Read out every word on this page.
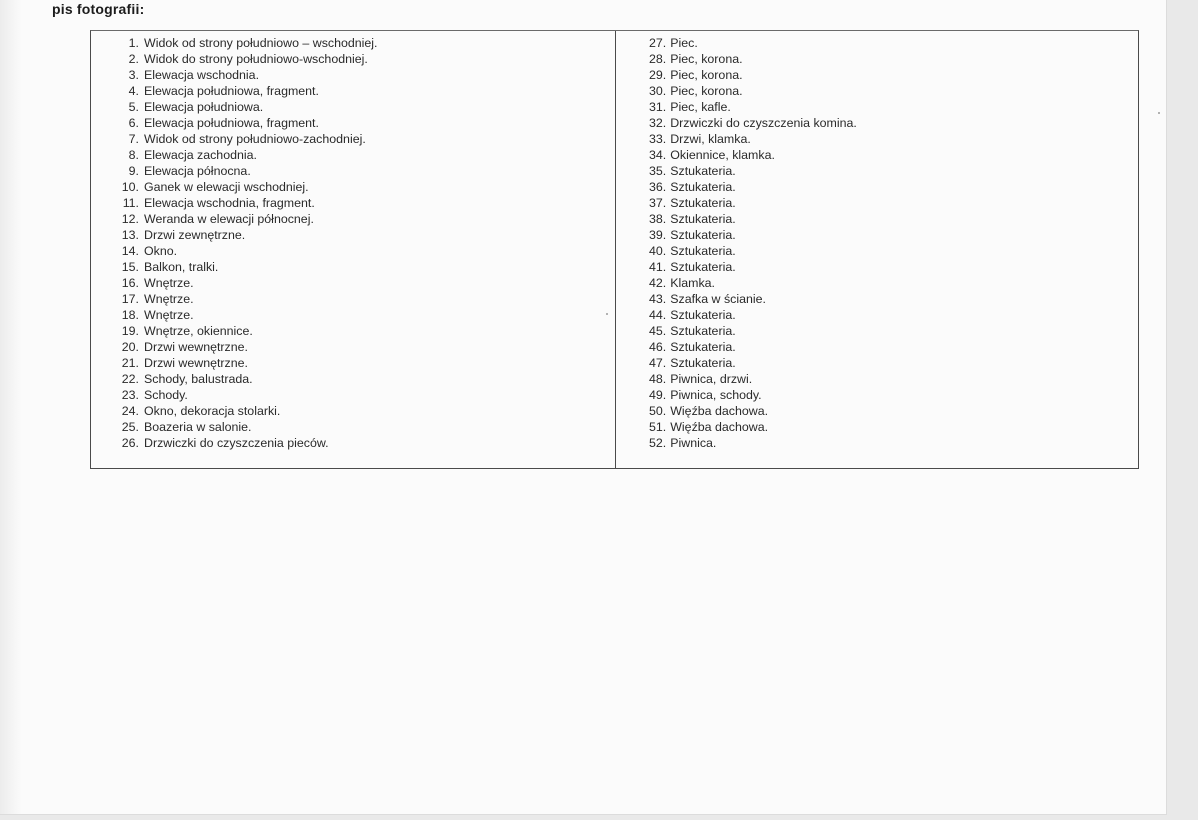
pis fotografii:
1. Widok od strony południowo – wschodniej.
2. Widok do strony południowo-wschodniej.
3. Elewacja wschodnia.
4. Elewacja południowa, fragment.
5. Elewacja południowa.
6. Elewacja południowa, fragment.
7. Widok od strony południowo-zachodniej.
8. Elewacja zachodnia.
9. Elewacja północna.
10. Ganek w elewacji wschodniej.
11. Elewacja wschodnia, fragment.
12. Weranda w elewacji północnej.
13. Drzwi zewnętrzne.
14. Okno.
15. Balkon, tralki.
16. Wnętrze.
17. Wnętrze.
18. Wnętrze.
19. Wnętrze, okiennice.
20. Drzwi wewnętrzne.
21. Drzwi wewnętrzne.
22. Schody, balustrada.
23. Schody.
24. Okno, dekoracja stolarki.
25. Boazeria w salonie.
26. Drzwiczki do czyszczenia pieców.
27. Piec.
28. Piec, korona.
29. Piec, korona.
30. Piec, korona.
31. Piec, kafle.
32. Drzwiczki do czyszczenia komina.
33. Drzwi, klamka.
34. Okiennice, klamka.
35. Sztukateria.
36. Sztukateria.
37. Sztukateria.
38. Sztukateria.
39. Sztukateria.
40. Sztukateria.
41. Sztukateria.
42. Klamka.
43. Szafka w ścianie.
44. Sztukateria.
45. Sztukateria.
46. Sztukateria.
47. Sztukateria.
48. Piwnica, drzwi.
49. Piwnica, schody.
50. Więźba dachowa.
51. Więźba dachowa.
52. Piwnica.
